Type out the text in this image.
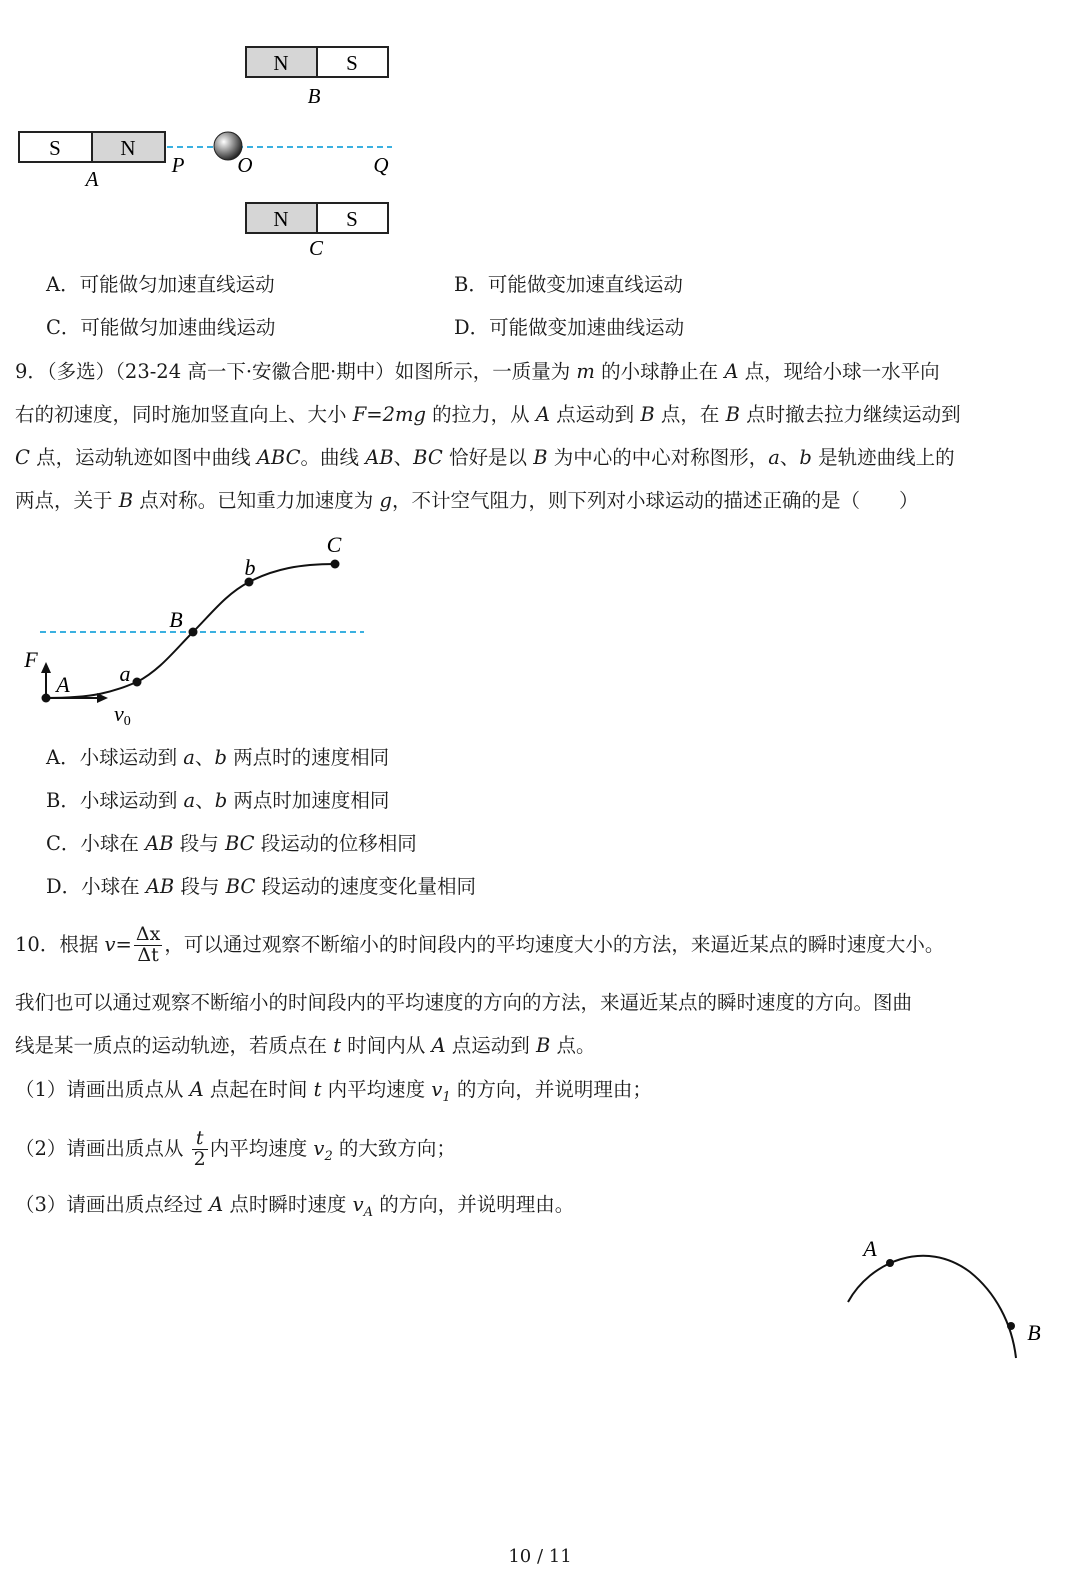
N	S
B
S	N
A
P	O	Q
N	S
C
A．可能做匀加速直线运动	B．可能做变加速直线运动
C．可能做匀加速曲线运动	D．可能做变加速曲线运动
9．（多选）（23-24 高一下·安徽合肥·期中）如图所示，一质量为 m 的小球静止在 A 点，现给小球一水平向
右的初速度，同时施加竖直向上、大小 F=2mg 的拉力，从 A 点运动到 B 点，在 B 点时撤去拉力继续运动到
C 点，运动轨迹如图中曲线 ABC。曲线 AB、BC 恰好是以 B 为中心的中心对称图形，a、b 是轨迹曲线上的
两点，关于 B 点对称。已知重力加速度为 g，不计空气阻力，则下列对小球运动的描述正确的是（　　）
C
b
B
F
A a
v0
A．小球运动到 a、b 两点时的速度相同
B．小球运动到 a、b 两点时加速度相同
C．小球在 AB 段与 BC 段运动的位移相同
D．小球在 AB 段与 BC 段运动的速度变化量相同
10．根据 $v= \frac{\Delta x}{\Delta t}$ ，可以通过观察不断缩小的时间段内的平均速度大小的方法，来逼近某点的瞬时速度大小。
我们也可以通过观察不断缩小的时间段内的平均速度的方向的方法，来逼近某点的瞬时速度的方向。图曲
线是某一质点的运动轨迹，若质点在 t 时间内从 A 点运动到 B 点。
（1）请画出质点从 A 点起在时间 t 内平均速度 $v_1$ 的方向，并说明理由；
（2）请画出质点从 $\frac{t}{2}$ 内平均速度 $v_2$ 的大致方向；
（3）请画出质点经过 A 点时瞬时速度 $v_A$ 的方向，并说明理由。
A
B
10 / 11
